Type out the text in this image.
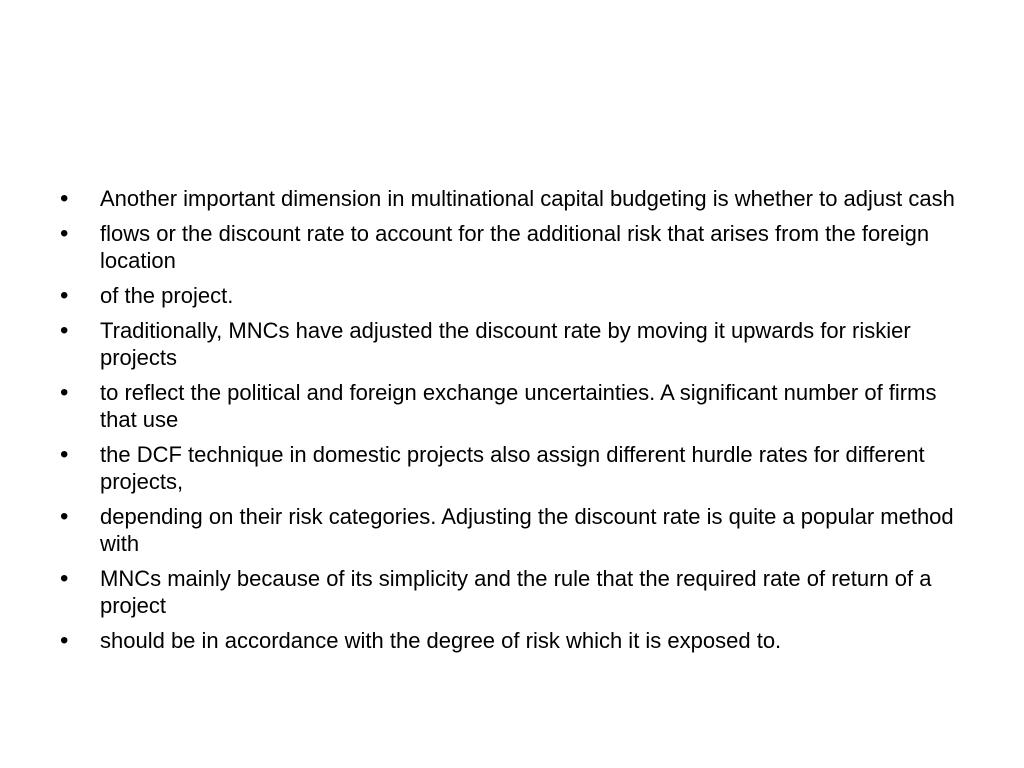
• Another important dimension in multinational capital budgeting is whether to adjust cash
• flows or the discount rate to account for the additional risk that arises from the foreign location
• of the project.
• Traditionally, MNCs have adjusted the discount rate by moving it upwards for riskier projects
• to reflect the political and foreign exchange uncertainties. A significant number of firms that use
• the DCF technique in domestic projects also assign different hurdle rates for different projects,
• depending on their risk categories. Adjusting the discount rate is quite a popular method with
• MNCs mainly because of its simplicity and the rule that the required rate of return of a project
• should be in accordance with the degree of risk which it is exposed to.
